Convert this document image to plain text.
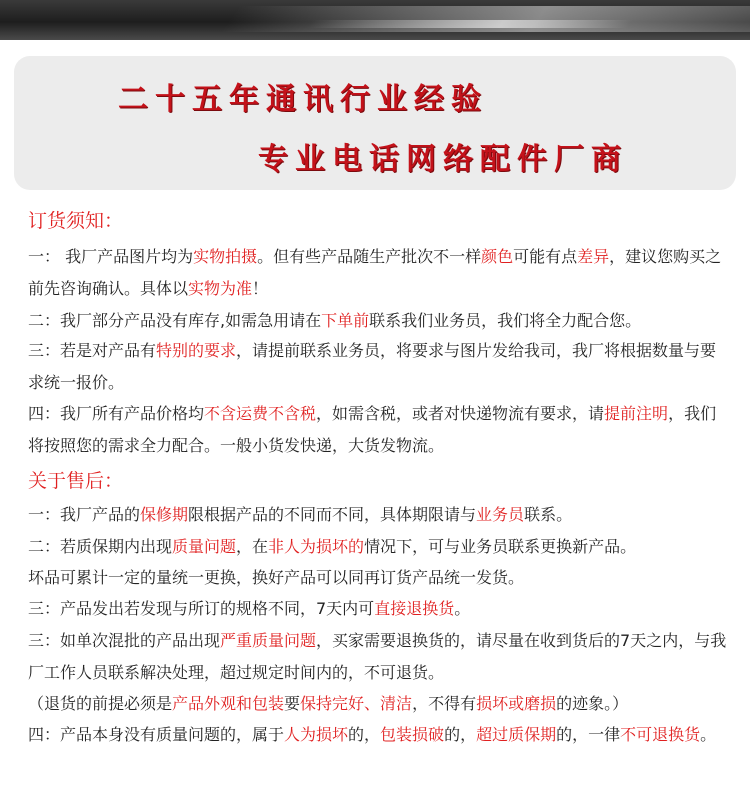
二十五年通讯行业经验
专业电话网络配件厂商
订货须知：

一： 我厂产品图片均为实物拍摄。但有些产品随生产批次不一样颜色可能有点差异，建议您购买之前先咨询确认。具体以实物为准！

二：我厂部分产品没有库存,如需急用请在下单前联系我们业务员，我们将全力配合您。

三：若是对产品有特别的要求，请提前联系业务员，将要求与图片发给我司，我厂将根据数量与要求统一报价。

四：我厂所有产品价格均不含运费不含税，如需含税，或者对快递物流有要求，请提前注明，我们将按照您的需求全力配合。一般小货发快递，大货发物流。

关于售后：

一：我厂产品的保修期限根据产品的不同而不同，具体期限请与业务员联系。

二：若质保期内出现质量问题，在非人为损坏的情况下，可与业务员联系更换新产品。

坏品可累计一定的量统一更换，换好产品可以同再订货产品统一发货。

三：产品发出若发现与所订的规格不同，7天内可直接退换货。

三：如单次混批的产品出现严重质量问题，买家需要退换货的，请尽量在收到货后的7天之内，与我厂工作人员联系解决处理，超过规定时间内的，不可退货。

（退货的前提必须是产品外观和包装要保持完好、清洁，不得有损坏或磨损的迹象。）

四：产品本身没有质量问题的，属于人为损坏的，包装损破的，超过质保期的，一律不可退换货。
